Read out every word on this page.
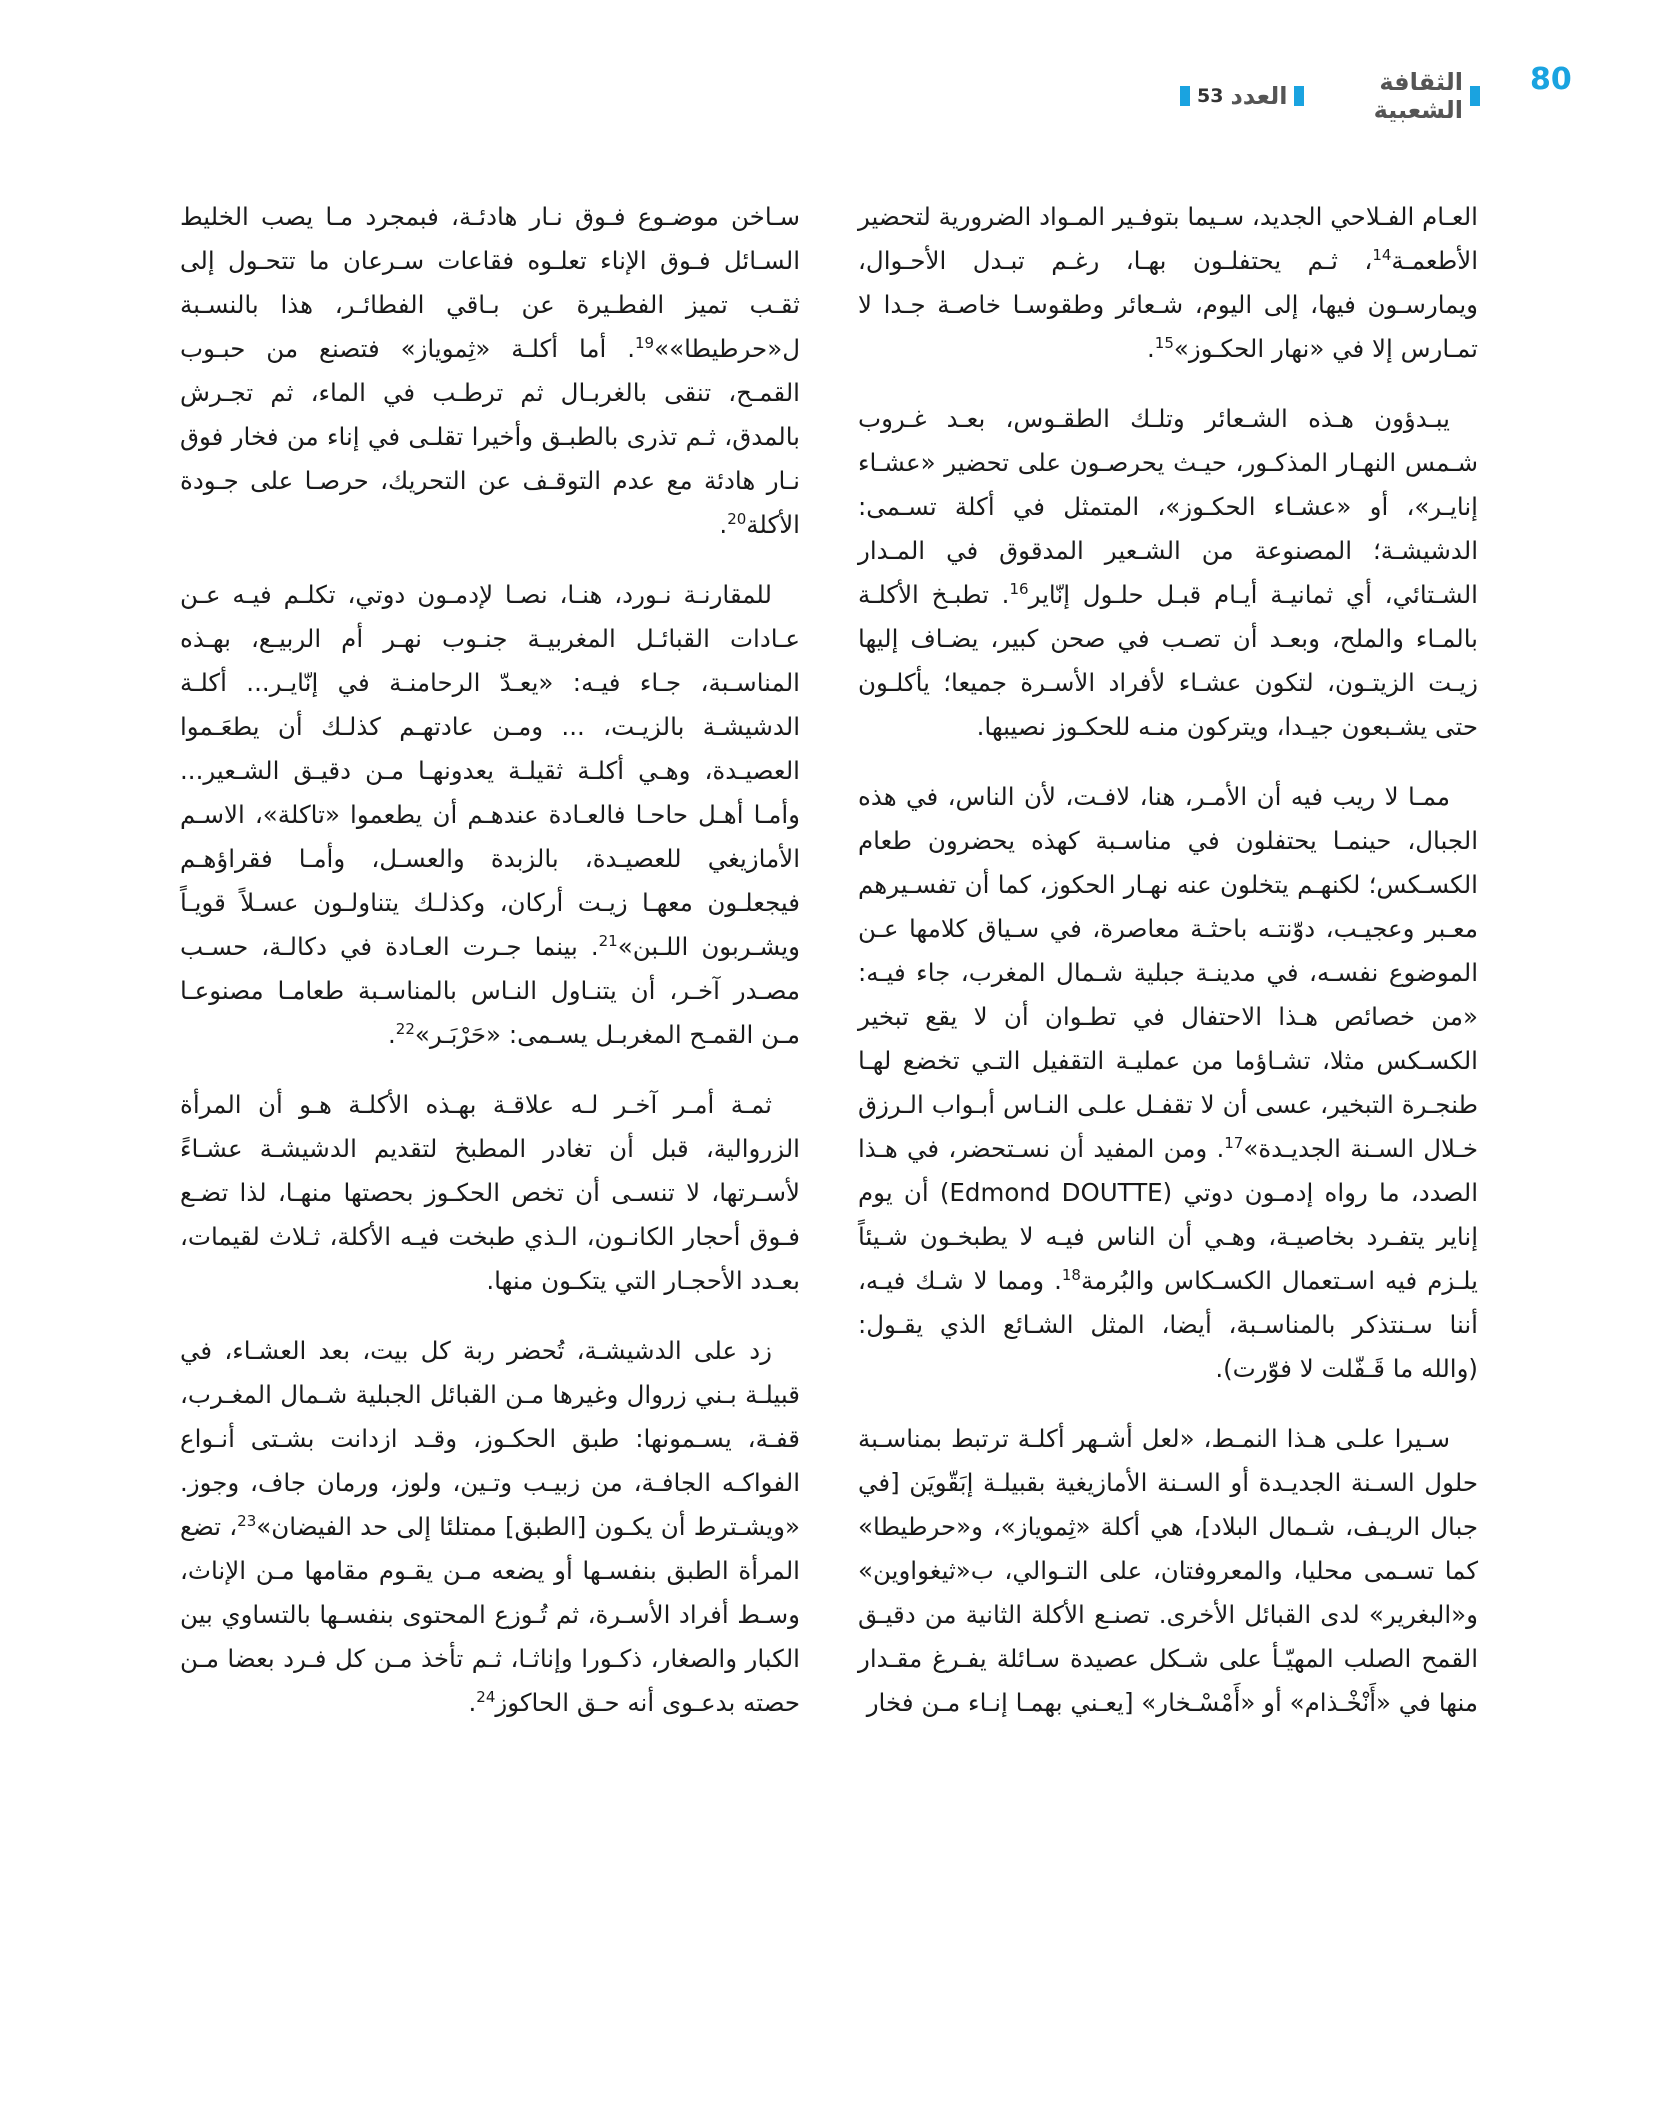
80
الثقافة الشعبية
العدد
53

العـام الفـلاحي الجديد، سـيما بتوفـير المـواد الضرورية لتحضير الأطعمـة$^{14}$، ثـم يحتفلـون بهـا، رغـم تبـدل الأحـوال، ويمارسـون فيها، إلى اليوم، شـعائر وطقوسـا خاصـة جـدا لا تمـارس إلا في «نهار الحكـوز»$^{15}$.

يبـدؤون هـذه الشـعائر وتلـك الطقـوس، بعـد غـروب شـمس النهـار المذكـور، حيـث يحرصـون على تحضير «عشـاء إنايـر»، أو «عشـاء الحكـوز»، المتمثل في أكلة تسـمى: الدشيشـة؛ المصنوعة من الشـعير المدقوق في المـدار الشـتائي، أي ثمانيـة أيـام قبـل حلـول إنّاير$^{16}$. تطبـخ الأكلـة بالمـاء والملح، وبعـد أن تصـب في صحن كبير، يضـاف إليها زيـت الزيتـون، لتكون عشـاء لأفراد الأسـرة جميعا؛ يأكلـون حتى يشـبعون جيـدا، ويتركون منـه للحكـوز نصيبها.

ممـا لا ريب فيه أن الأمـر، هنا، لافـت، لأن الناس، في هذه الجبال، حينمـا يحتفلون في مناسـبة كهذه يحضرون طعام الكسـكس؛ لكنهـم يتخلون عنه نهـار الحكوز، كما أن تفسـيرهم معـبر وعجيـب، دوّنتـه باحثـة معاصرة، في سـياق كلامها عـن الموضوع نفسـه، في مدينـة جبلية شـمال المغرب، جاء فيـه: «من خصائص هـذا الاحتفال في تطـوان أن لا يقع تبخير الكسـكس مثلا، تشـاؤما من عمليـة التقفيل التـي تخضع لهـا طنجـرة التبخير، عسى أن لا تقفـل علـى النـاس أبـواب الـرزق خـلال السـنة الجديـدة»$^{17}$. ومن المفيد أن نسـتحضر، في هـذا الصدد، ما رواه إدمـون دوتي (Edmond DOUTTE) أن يوم إناير يتفـرد بخاصيـة، وهـي أن الناس فيـه لا يطبخـون شـيئاً يلـزم فيه اسـتعمال الكسـكاس والبُرمة$^{18}$. ومما لا شـك فيـه، أننا سـنتذكر بالمناسـبة، أيضا، المثل الشـائع الذي يقـول: (والله ما قَـفّلت لا فوّرت).

سـيرا علـى هـذا النمـط، «لعل أشـهر أكلـة ترتبط بمناسـبة حلول السـنة الجديـدة أو السـنة الأمازيغية بقبيلـة إبَقّويَن [في جبال الريـف، شـمال البلاد]، هي أكلة «ثِموياز»، و«حرطيطا» كما تسـمى محليا، والمعروفتان، على التـوالي، ب«ثيغواوين» و«البغرير» لدى القبائل الأخرى. تصنـع الأكلة الثانية من دقيـق القمح الصلب المهيّـأ على شـكل عصيدة سـائلة يفـرغ مقـدار منها في «أَنْخْـذام» أو «أَمْسْـخار» [يعـني بهمـا إنـاء مـن فخار

سـاخن موضـوع فـوق نـار هادئـة، فبمجرد مـا يصب الخليط السـائل فـوق الإناء تعلـوه فقاعات سـرعان ما تتحـول إلى ثقـب تميز الفطـيرة عن بـاقي الفطائـر، هذا بالنسـبة ل«حرطيطا»»$^{19}$. أما أكلـة «ثِموياز» فتصنع من حبـوب القمـح، تنقى بالغربـال ثم ترطـب في الماء، ثم تجـرش بالمدق، ثـم تذرى بالطبـق وأخيرا تقلـى في إناء من فخار فوق نـار هادئة مع عدم التوقـف عن التحريك، حرصـا على جـودة الأكلة$^{20}$.

للمقارنـة نـورد، هنـا، نصـا لإدمـون دوتي، تكلـم فيـه عـن عـادات القبائـل المغربيـة جنـوب نهـر أم الربيـع، بهـذه المناسـبة، جـاء فيـه: «يعـدّ الرحامنـة في إنّايـر... أكلـة الدشيشـة بالزيـت، ... ومـن عادتهـم كذلـك أن يطعَـموا العصيـدة، وهـي أكلـة ثقيلـة يعدونهـا مـن دقيـق الشـعير... وأمـا أهـل حاحـا فالعـادة عندهـم أن يطعموا «تاكلة»، الاسـم الأمازيغي للعصيـدة، بالزبدة والعسـل، وأمـا فقراؤهـم فيجعلـون معهـا زيـت أركان، وكذلـك يتناولـون عسـلاً قويـاً ويشـربون اللـبن»$^{21}$. بينما جـرت العـادة في دكالـة، حسـب مصـدر آخـر، أن يتنـاول النـاس بالمناسـبة طعامـا مصنوعـا مـن القمـح المغربـل يسـمى: «حَرْبَـر»$^{22}$.

ثمـة أمـر آخـر لـه علاقـة بهـذه الأكلـة هـو أن المرأة الزروالية، قبل أن تغادر المطبخ لتقديم الدشيشـة عشـاءً لأسـرتها، لا تنسـى أن تخص الحكـوز بحصتها منهـا، لذا تضـع فـوق أحجار الكانـون، الـذي طبخت فيـه الأكلة، ثـلاث لقيمات، بعـدد الأحجـار التي يتكـون منها.

زد على الدشيشـة، تُحضر ربة كل بيت، بعد العشـاء، في قبيلـة بـني زروال وغيرها مـن القبائل الجبلية شـمال المغـرب، قفـة، يسـمونها: طبق الحكـوز، وقـد ازدانت بشـتى أنـواع الفواكـه الجافـة، من زبيـب وتـين، ولوز، ورمان جاف، وجوز. «ويشـترط أن يكـون [الطبق] ممتلئا إلى حد الفيضان»$^{23}$، تضع المرأة الطبق بنفسـها أو يضعه مـن يقـوم مقامها مـن الإناث، وسـط أفراد الأسـرة، ثم تُـوزع المحتوى بنفسـها بالتساوي بين الكبار والصغار، ذكـورا وإناثـا، ثـم تأخذ مـن كل فـرد بعضا مـن حصته بدعـوى أنه حـق الحاكوز$^{24}$.
